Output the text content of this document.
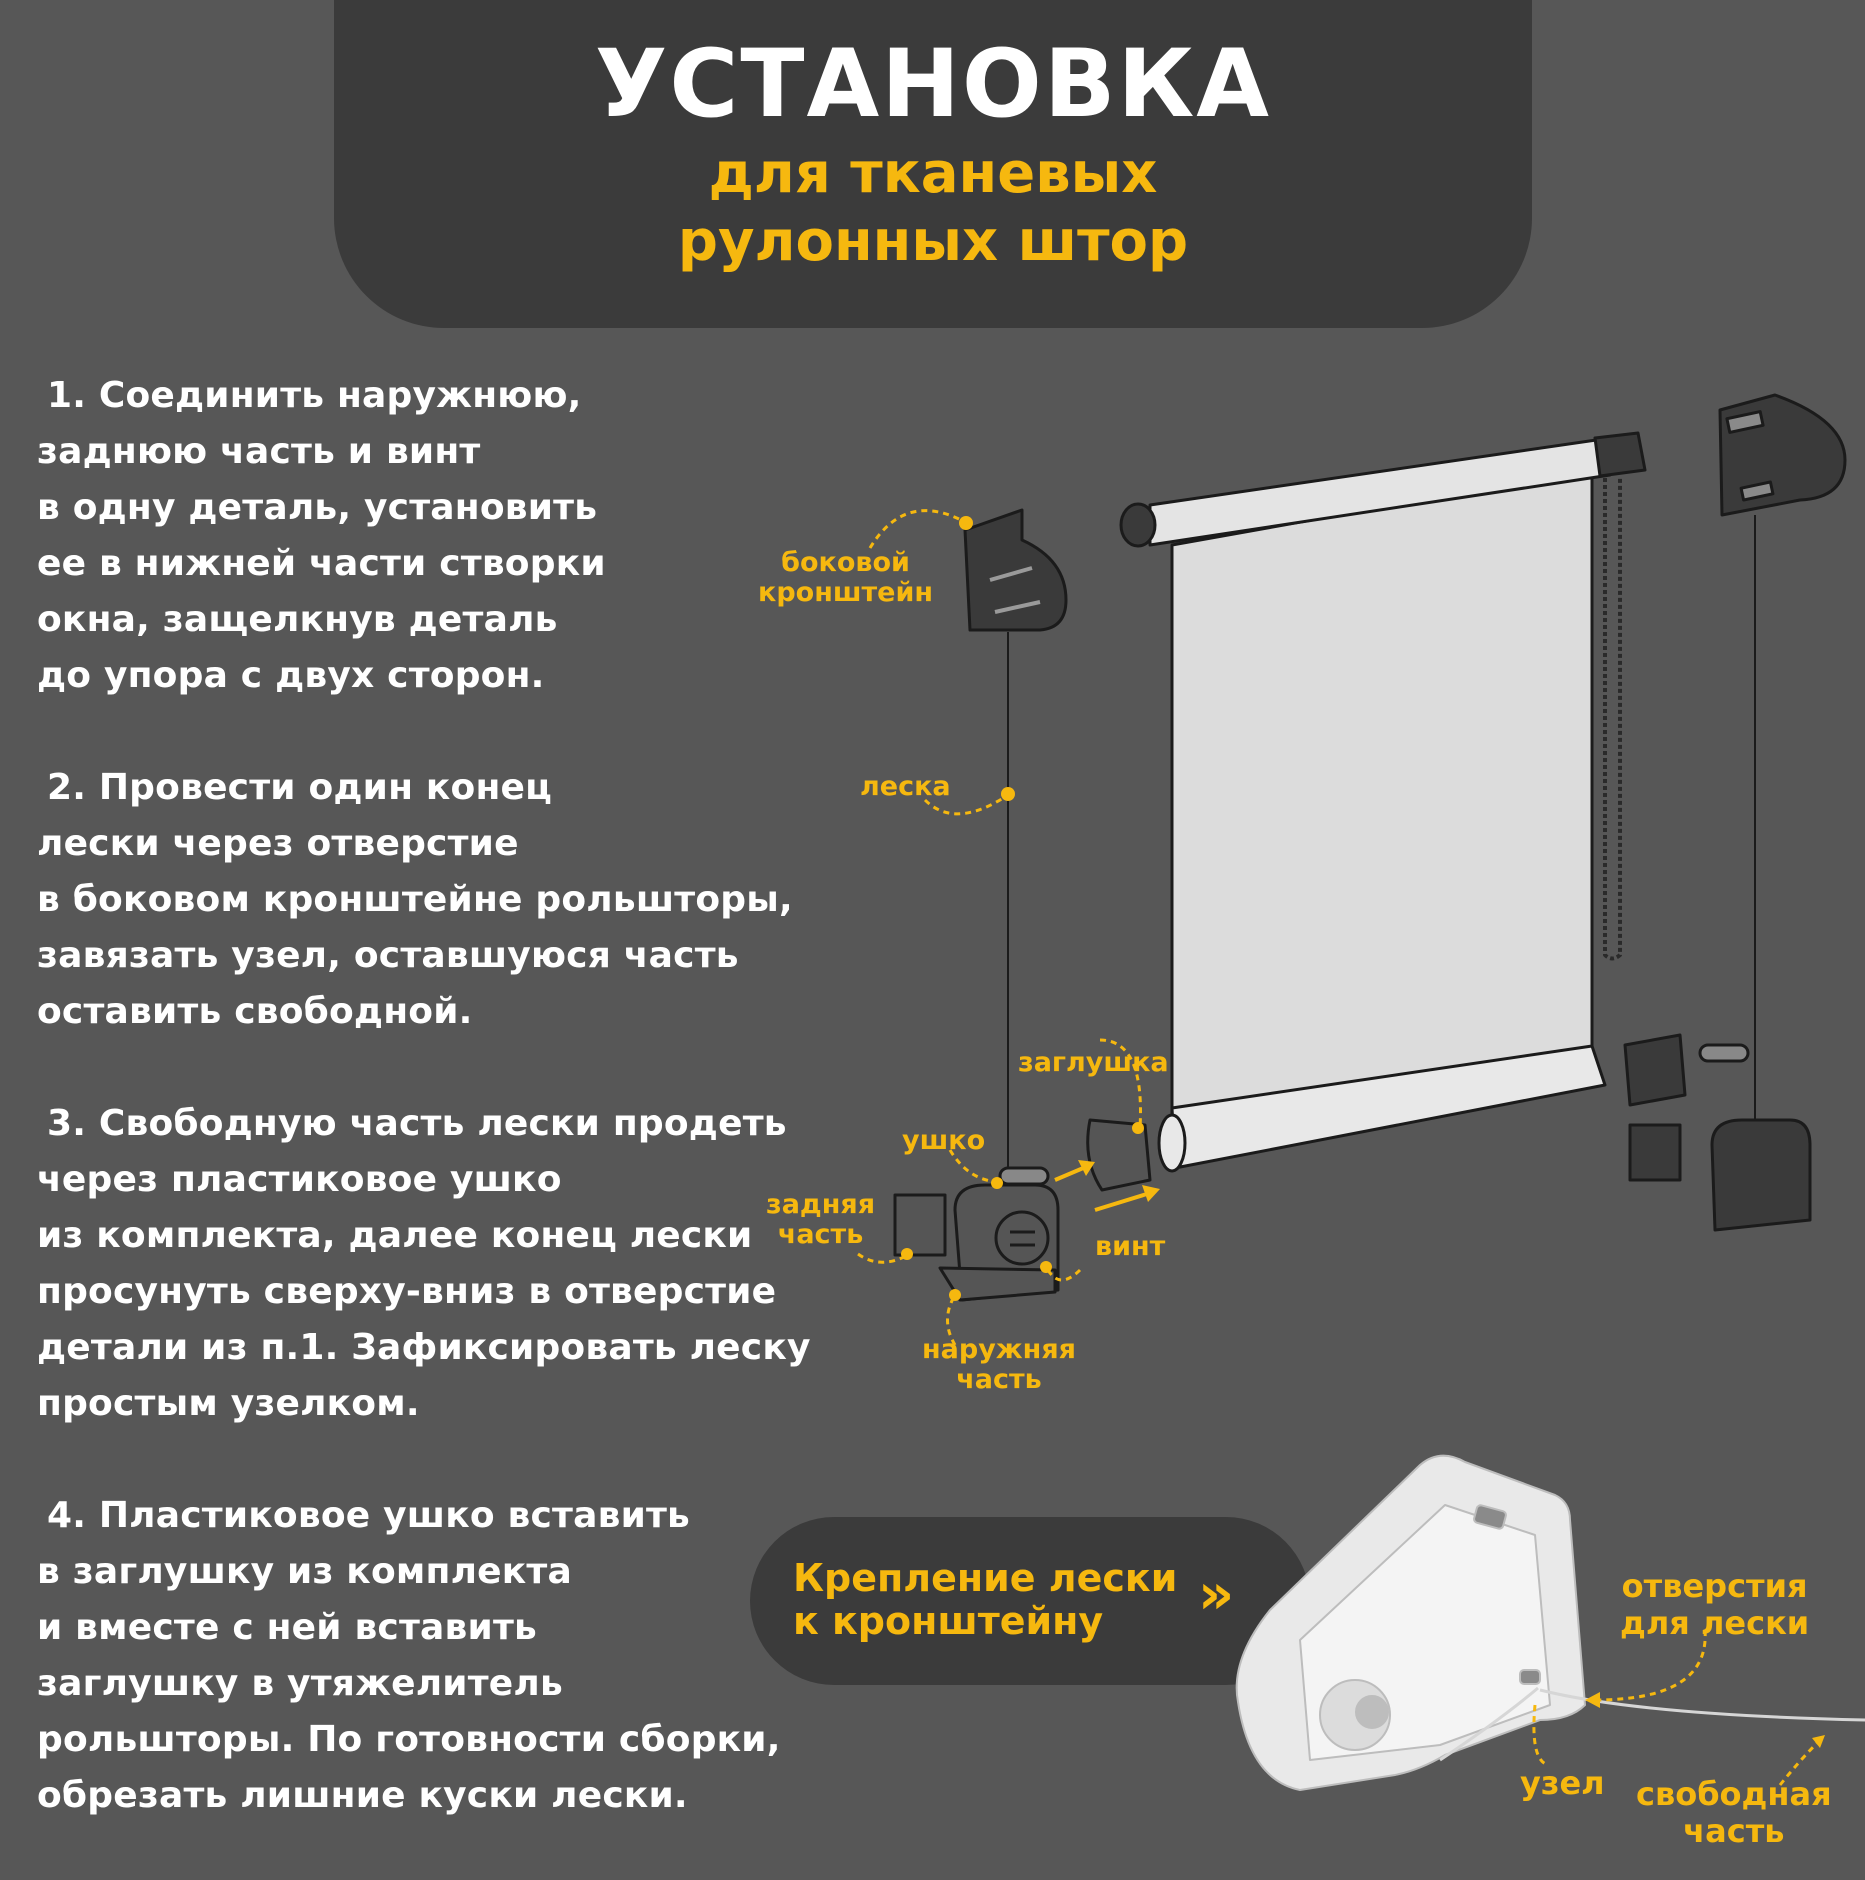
УСТАНОВКА
для тканевых
рулонных штор
1. Соединить наружнюю,
заднюю часть и винт
в одну деталь, установить
ее в нижней части створки
окна, защелкнув деталь
до упора с двух сторон.
2. Провести один конец
лески через отверстие
в боковом кронштейне рольшторы,
завязать узел, оставшуюся часть
оставить свободной.
3. Свободную часть лески продеть
через пластиковое ушко
из комплекта, далее конец лески
просунуть сверху-вниз в отверстие
детали из п.1. Зафиксировать леску
простым узелком.
4. Пластиковое ушко вставить
в заглушку из комплекта
и вместе с ней вставить
заглушку в утяжелитель
рольшторы. По готовности сборки,
обрезать лишние куски лески.
боковой
кронштейн
леска
заглушка
ушко
задняя
часть	винт
наружняя
часть
Крепление лески
к кронштейну	»	отверстия
для лески
узел свободная
часть
